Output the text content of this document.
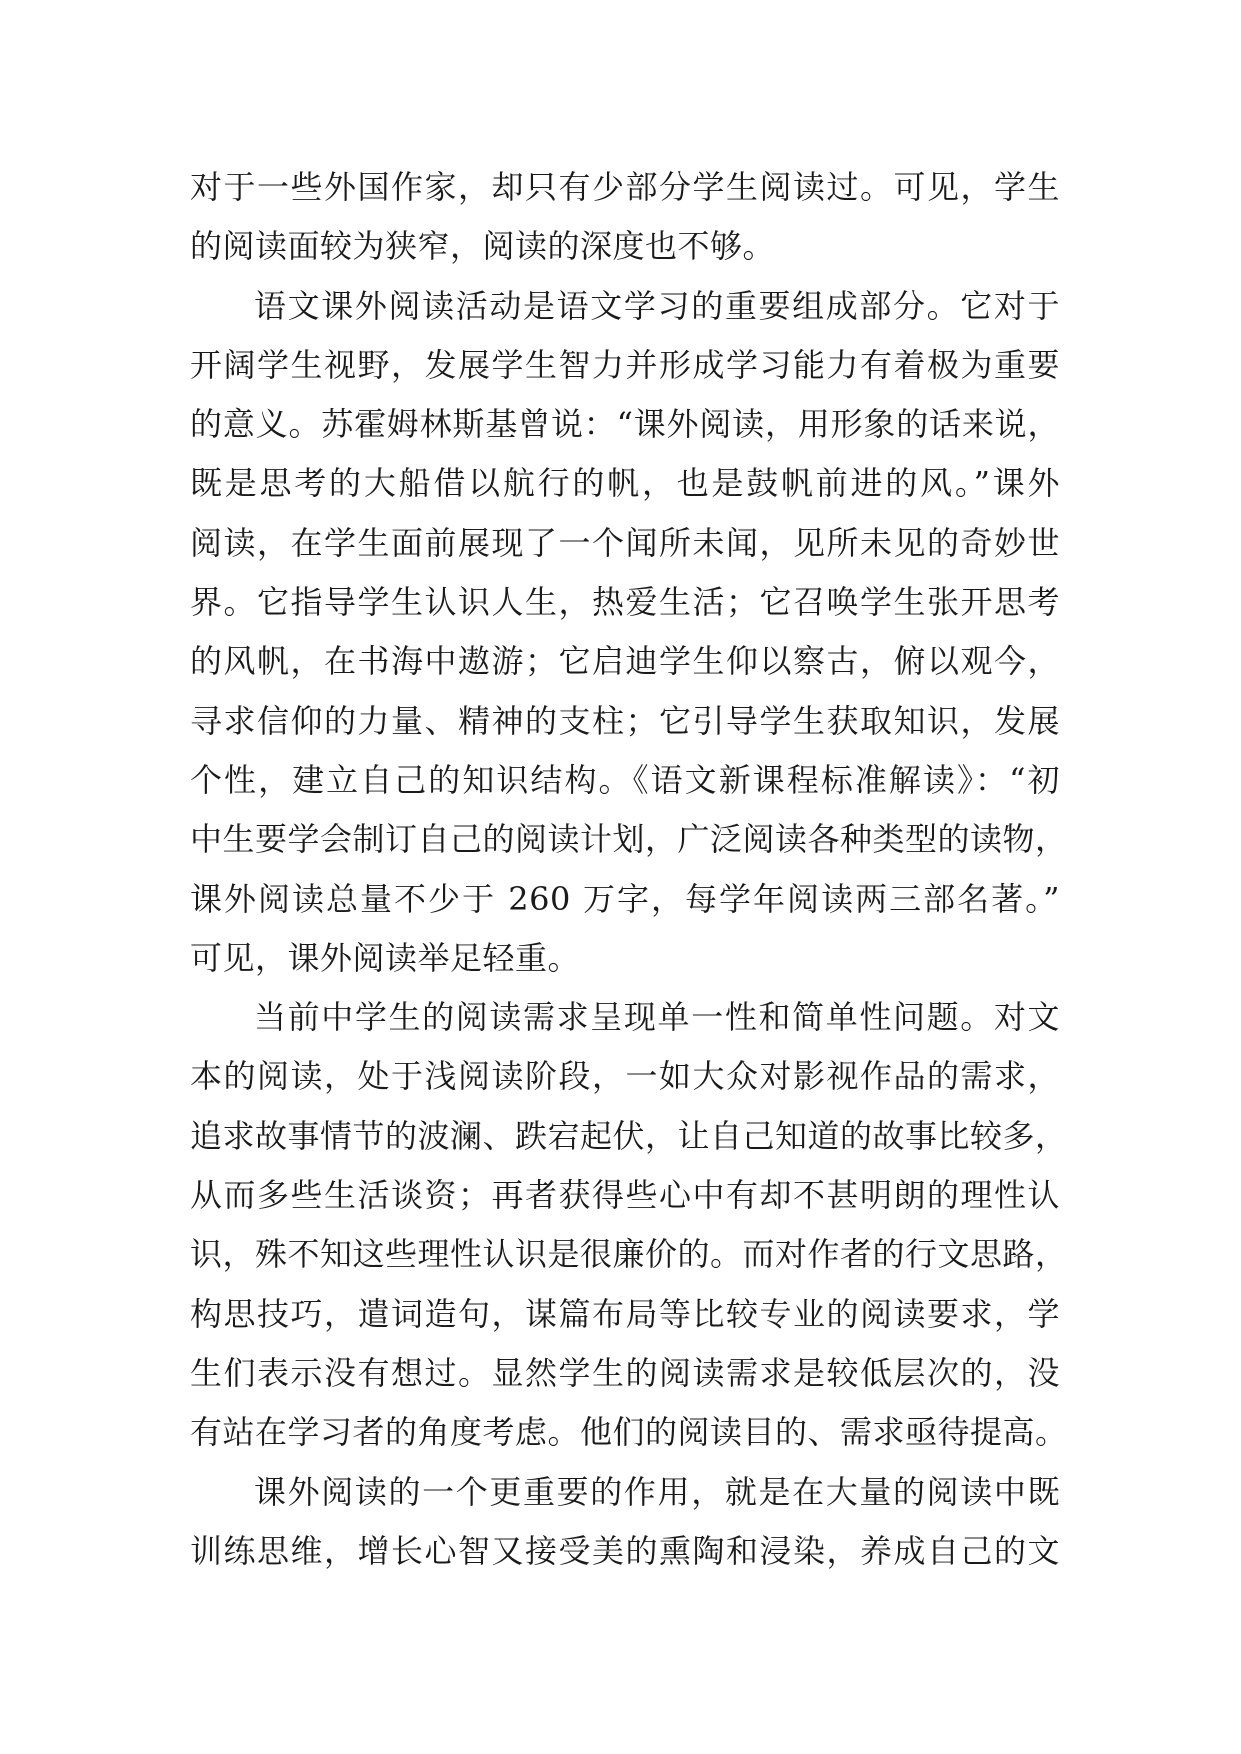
对于一些外国作家，却只有少部分学生阅读过。可见，学生
的阅读面较为狭窄，阅读的深度也不够。
语文课外阅读活动是语文学习的重要组成部分。它对于
开阔学生视野，发展学生智力并形成学习能力有着极为重要
的意义。苏霍姆林斯基曾说：“课外阅读，用形象的话来说，
既是思考的大船借以航行的帆，也是鼓帆前进的风。”课外
阅读，在学生面前展现了一个闻所未闻，见所未见的奇妙世
界。它指导学生认识人生，热爱生活；它召唤学生张开思考
的风帆，在书海中遨游；它启迪学生仰以察古，俯以观今，
寻求信仰的力量、精神的支柱；它引导学生获取知识，发展
个性，建立自己的知识结构。《语文新课程标准解读》：“初
中生要学会制订自己的阅读计划，广泛阅读各种类型的读物，
课外阅读总量不少于 260 万字，每学年阅读两三部名著。”
可见，课外阅读举足轻重。
当前中学生的阅读需求呈现单一性和简单性问题。对文
本的阅读，处于浅阅读阶段，一如大众对影视作品的需求，
追求故事情节的波澜、跌宕起伏，让自己知道的故事比较多，
从而多些生活谈资；再者获得些心中有却不甚明朗的理性认
识，殊不知这些理性认识是很廉价的。而对作者的行文思路，
构思技巧，遣词造句，谋篇布局等比较专业的阅读要求，学
生们表示没有想过。显然学生的阅读需求是较低层次的，没
有站在学习者的角度考虑。他们的阅读目的、需求亟待提高。
课外阅读的一个更重要的作用，就是在大量的阅读中既
训练思维，增长心智又接受美的熏陶和浸染，养成自己的文
